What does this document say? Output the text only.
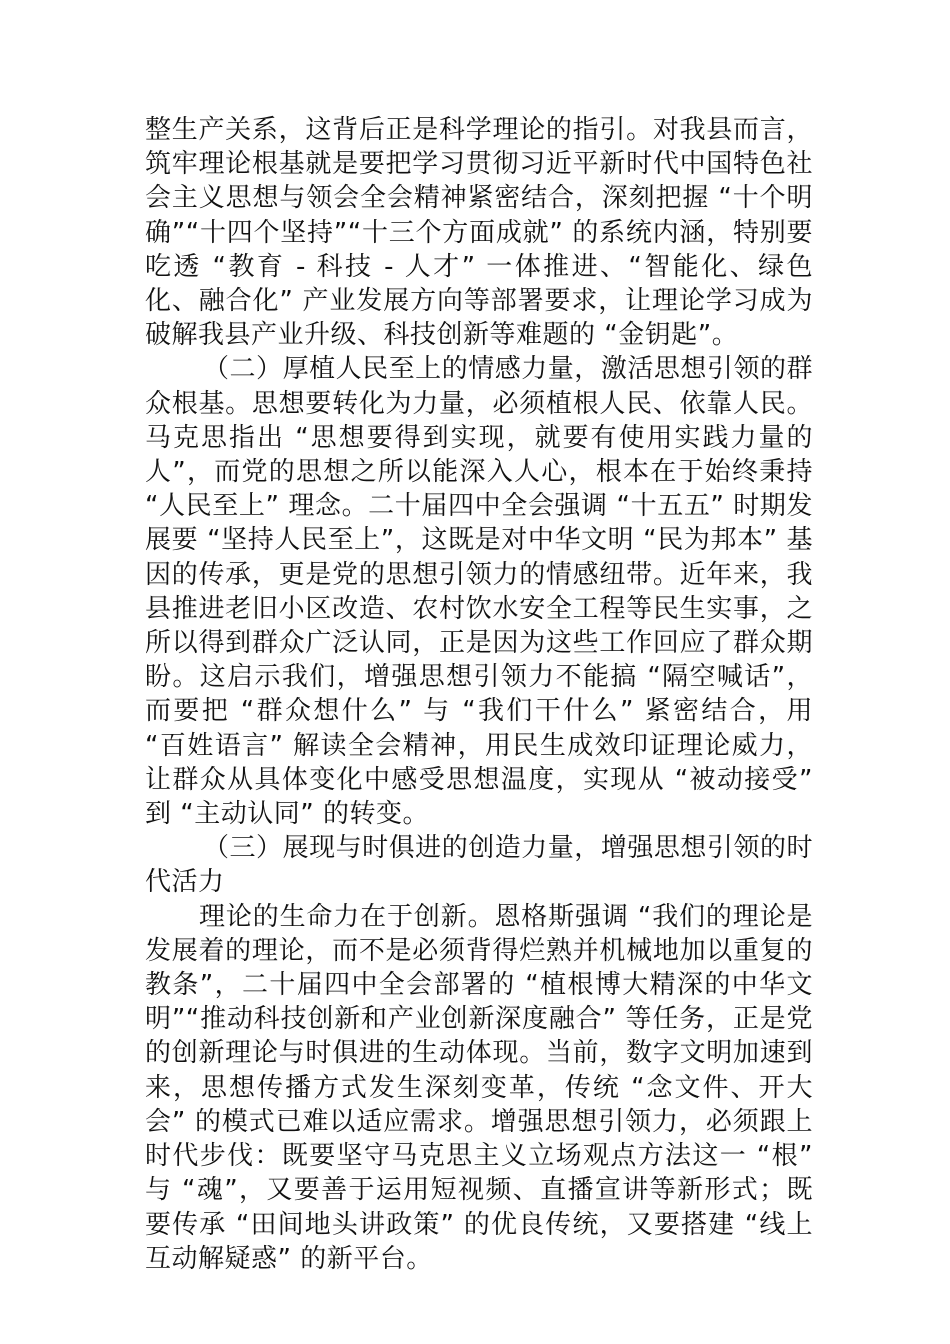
整生产关系，这背后正是科学理论的指引。对我县而言，筑牢理论根基就是要把学习贯彻习近平新时代中国特色社会主义思想与领会全会精神紧密结合，深刻把握 “十个明确”“十四个坚持”“十三个方面成就” 的系统内涵，特别要吃透 “教育 - 科技 - 人才” 一体推进、“智能化、绿色化、融合化” 产业发展方向等部署要求，让理论学习成为破解我县产业升级、科技创新等难题的 “金钥匙”。

（二）厚植人民至上的情感力量，激活思想引领的群众根基。思想要转化为力量，必须植根人民、依靠人民。马克思指出 “思想要得到实现，就要有使用实践力量的人”，而党的思想之所以能深入人心，根本在于始终秉持 “人民至上” 理念。二十届四中全会强调 “十五五” 时期发展要 “坚持人民至上”，这既是对中华文明 “民为邦本” 基因的传承，更是党的思想引领力的情感纽带。近年来，我县推进老旧小区改造、农村饮水安全工程等民生实事，之所以得到群众广泛认同，正是因为这些工作回应了群众期盼。这启示我们，增强思想引领力不能搞 “隔空喊话”，而要把 “群众想什么” 与 “我们干什么” 紧密结合，用 “百姓语言” 解读全会精神，用民生成效印证理论威力，让群众从具体变化中感受思想温度，实现从 “被动接受” 到 “主动认同” 的转变。

（三）展现与时俱进的创造力量，增强思想引领的时代活力

理论的生命力在于创新。恩格斯强调 “我们的理论是发展着的理论，而不是必须背得烂熟并机械地加以重复的教条”，二十届四中全会部署的 “植根博大精深的中华文明”“推动科技创新和产业创新深度融合” 等任务，正是党的创新理论与时俱进的生动体现。当前，数字文明加速到来，思想传播方式发生深刻变革，传统 “念文件、开大会” 的模式已难以适应需求。增强思想引领力，必须跟上时代步伐：既要坚守马克思主义立场观点方法这一 “根” 与 “魂”，又要善于运用短视频、直播宣讲等新形式；既要传承 “田间地头讲政策” 的优良传统，又要搭建 “线上互动解疑惑” 的新平台。
